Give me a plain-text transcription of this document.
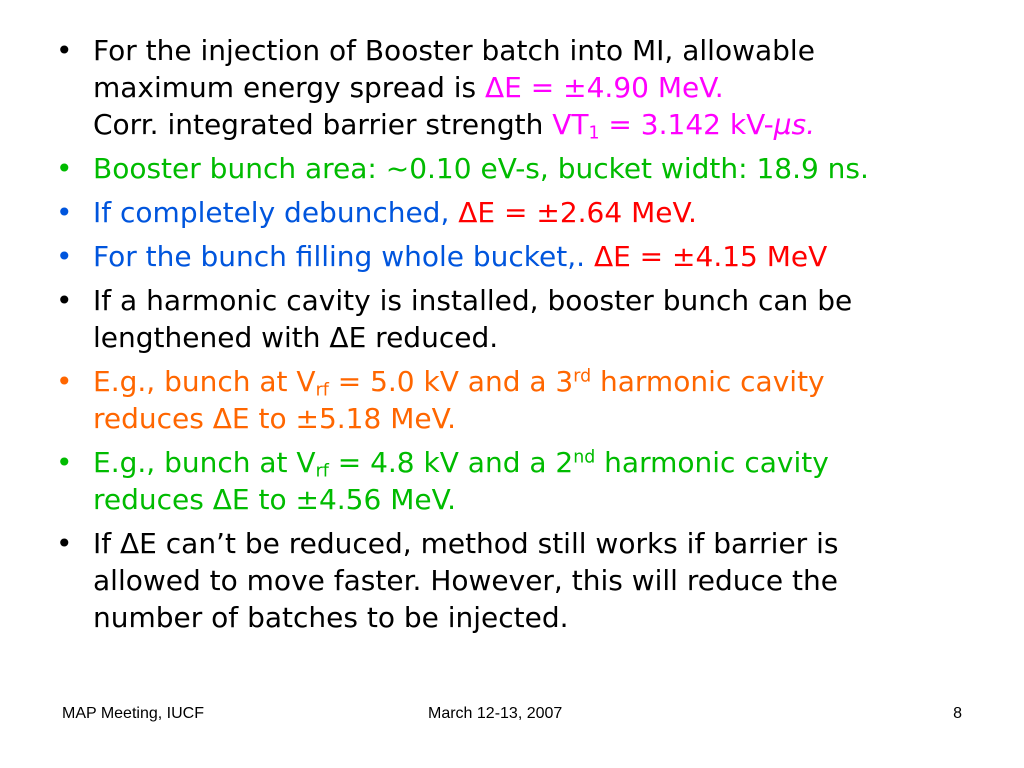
• For the injection of Booster batch into MI, allowable
maximum energy spread is ΔE = ±4.90 MeV.
Corr. integrated barrier strength $VT_1 = 3.142$ kV-μs.
• Booster bunch area: ~0.10 eV-s, bucket width: 18.9 ns.
• If completely debunched, ΔE = ±2.64 MeV.
• For the bunch filling whole bucket,. ΔE = ±4.15 MeV
• If a harmonic cavity is installed, booster bunch can be
lengthened with ΔE reduced.
• E.g., bunch at $V_{rf} = 5.0$ kV and a 3rd harmonic cavity
reduces ΔE to ±5.18 MeV.
• E.g., bunch at $V_{rf} = 4.8$ kV and a 2nd harmonic cavity
reduces ΔE to ±4.56 MeV.
• If ΔE can’t be reduced, method still works if barrier is
allowed to move faster. However, this will reduce the
number of batches to be injected.
MAP Meeting, IUCF	March 12-13, 2007	8
